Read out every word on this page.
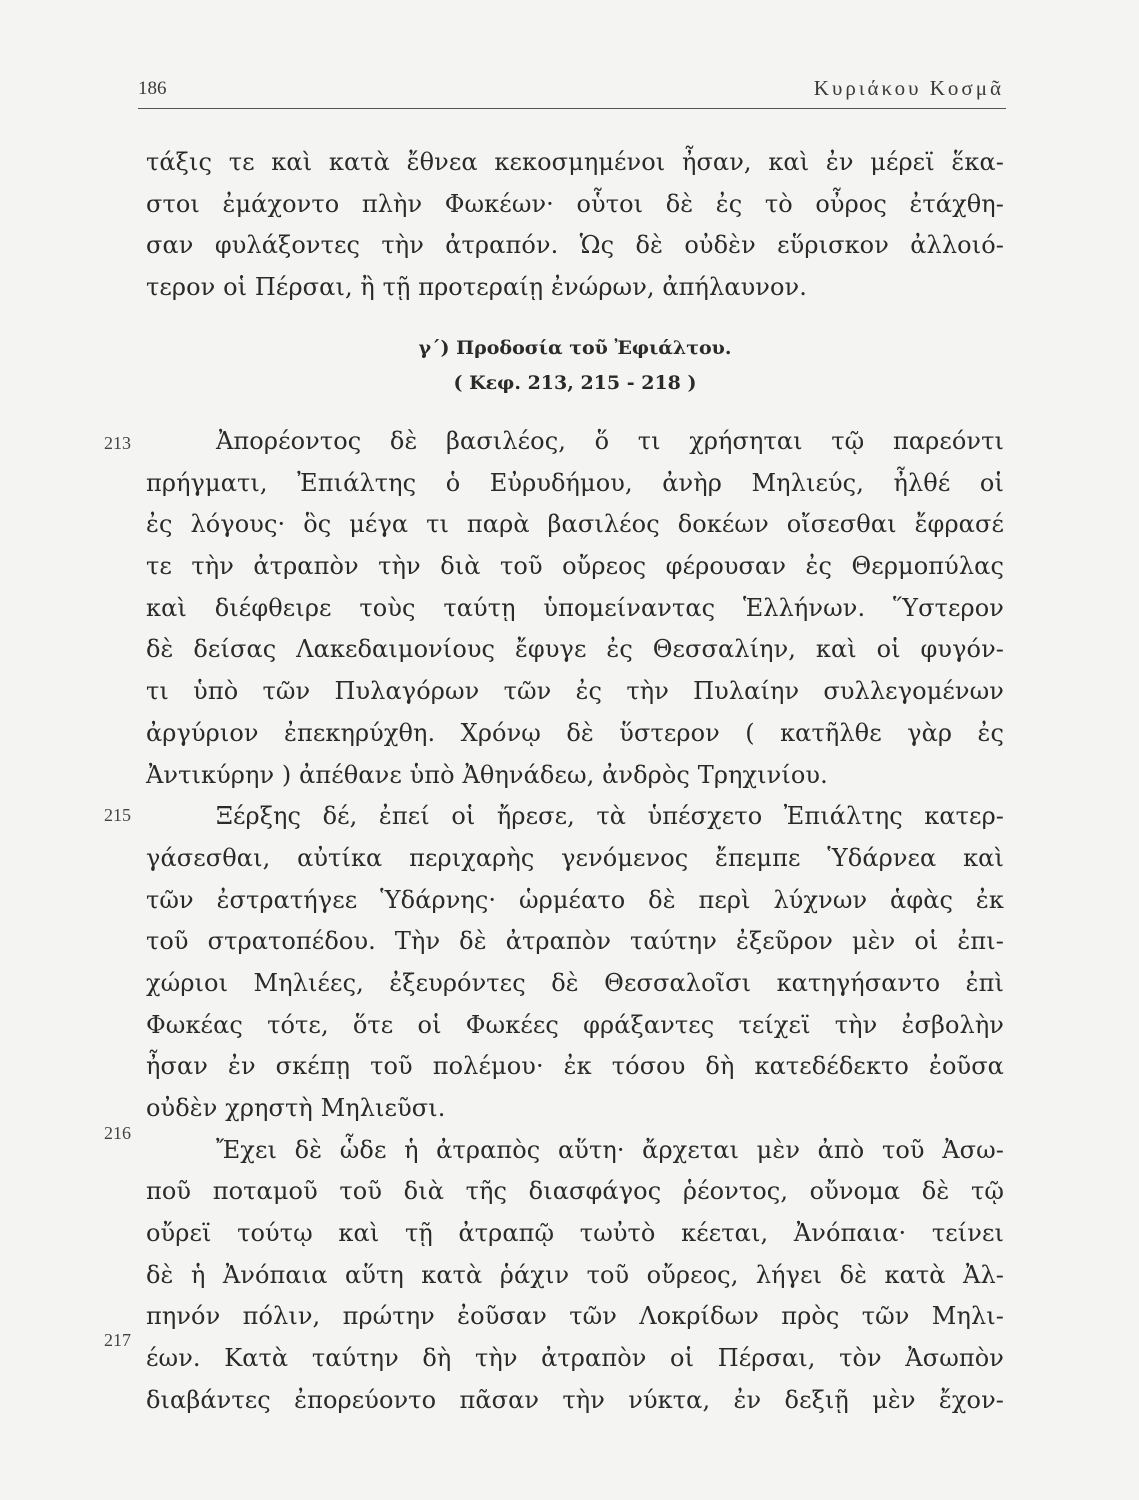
186	Κυριάκου Κοσμᾶ
τάξις τε καὶ κατὰ ἔθνεα κεκοσμημένοι ἦσαν, καὶ ἐν μέρεϊ ἕκα-
στοι ἐμάχοντο πλὴν Φωκέων· οὗτοι δὲ ἐς τὸ οὖρος ἐτάχθη-
σαν φυλάξοντες τὴν ἀτραπόν. Ὡς δὲ οὐδὲν εὕρισκον ἀλλοιό-
τερον οἱ Πέρσαι, ἢ τῇ προτεραίῃ ἐνώρων, ἀπήλαυνον.
γ΄) Προδοσία τοῦ Ἐφιάλτου.
( Κεφ. 213, 215 - 218 )
213
215
216
217
Ἀπορέοντος δὲ βασιλέος, ὅ τι χρήσηται τῷ παρεόντι
πρήγματι, Ἐπιάλτης ὁ Εὐρυδήμου, ἀνὴρ Μηλιεύς, ἦλθέ οἱ
ἐς λόγους· ὃς μέγα τι παρὰ βασιλέος δοκέων οἴσεσθαι ἔφρασέ
τε τὴν ἀτραπὸν τὴν διὰ τοῦ οὔρεος φέρουσαν ἐς Θερμοπύλας
καὶ διέφθειρε τοὺς ταύτῃ ὑπομείναντας Ἑλλήνων. Ὕστερον
δὲ δείσας Λακεδαιμονίους ἔφυγε ἐς Θεσσαλίην, καὶ οἱ φυγόν-
τι ὑπὸ τῶν Πυλαγόρων τῶν ἐς τὴν Πυλαίην συλλεγομένων
ἀργύριον ἐπεκηρύχθη. Χρόνῳ δὲ ὕστερον ( κατῆλθε γὰρ ἐς
Ἀντικύρην ) ἀπέθανε ὑπὸ Ἀθηνάδεω, ἀνδρὸς Τρηχινίου.
Ξέρξης δέ, ἐπεί οἱ ἤρεσε, τὰ ὑπέσχετο Ἐπιάλτης κατερ-
γάσεσθαι, αὐτίκα περιχαρὴς γενόμενος ἔπεμπε Ὑδάρνεα καὶ
τῶν ἐστρατήγεε Ὑδάρνης· ὡρμέατο δὲ περὶ λύχνων ἁφὰς ἐκ
τοῦ στρατοπέδου. Τὴν δὲ ἀτραπὸν ταύτην ἐξεῦρον μὲν οἱ ἐπι-
χώριοι Μηλιέες, ἐξευρόντες δὲ Θεσσαλοῖσι κατηγήσαντο ἐπὶ
Φωκέας τότε, ὅτε οἱ Φωκέες φράξαντες τείχεϊ τὴν ἐσβολὴν
ἦσαν ἐν σκέπῃ τοῦ πολέμου· ἐκ τόσου δὴ κατεδέδεκτο ἐοῦσα
οὐδὲν χρηστὴ Μηλιεῦσι.
Ἔχει δὲ ὧδε ἡ ἀτραπὸς αὕτη· ἄρχεται μὲν ἀπὸ τοῦ Ἀσω-
ποῦ ποταμοῦ τοῦ διὰ τῆς διασφάγος ῥέοντος, οὔνομα δὲ τῷ
οὔρεϊ τούτῳ καὶ τῇ ἀτραπῷ τωὐτὸ κέεται, Ἀνόπαια· τείνει
δὲ ἡ Ἀνόπαια αὕτη κατὰ ῥάχιν τοῦ οὔρεος, λήγει δὲ κατὰ Ἀλ-
πηνόν πόλιν, πρώτην ἐοῦσαν τῶν Λοκρίδων πρὸς τῶν Μηλι-
έων. Κατὰ ταύτην δὴ τὴν ἀτραπὸν οἱ Πέρσαι, τὸν Ἀσωπὸν
διαβάντες ἐπορεύοντο πᾶσαν τὴν νύκτα, ἐν δεξιῇ μὲν ἔχον-
